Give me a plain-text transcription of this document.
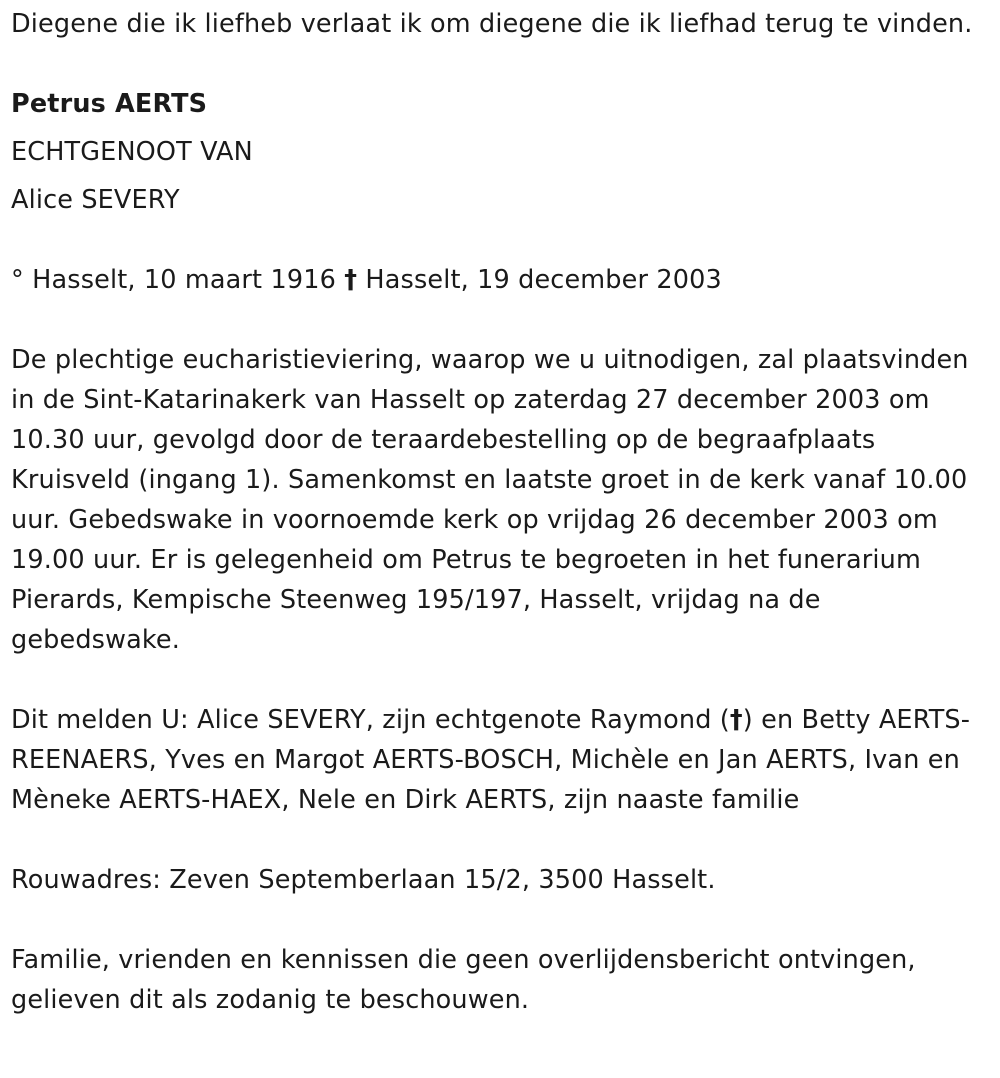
Diegene die ik liefheb verlaat ik om diegene die ik liefhad terug te vinden.

Petrus AERTS

ECHTGENOOT VAN

Alice SEVERY

° Hasselt, 10 maart 1916 † Hasselt, 19 december 2003

De plechtige eucharistieviering, waarop we u uitnodigen, zal plaatsvinden in de Sint-Katarinakerk van Hasselt op zaterdag 27 december 2003 om 10.30 uur, gevolgd door de teraardebestelling op de begraafplaats Kruisveld (ingang 1). Samenkomst en laatste groet in de kerk vanaf 10.00 uur. Gebedswake in voornoemde kerk op vrijdag 26 december 2003 om 19.00 uur. Er is gelegenheid om Petrus te begroeten in het funerarium Pierards, Kempische Steenweg 195/197, Hasselt, vrijdag na de gebedswake.

Dit melden U: Alice SEVERY, zijn echtgenote Raymond (†) en Betty AERTS-REENAERS, Yves en Margot AERTS-BOSCH, Michèle en Jan AERTS, Ivan en Mèneke AERTS-HAEX, Nele en Dirk AERTS, zijn naaste familie

Rouwadres: Zeven Septemberlaan 15/2, 3500 Hasselt.

Familie, vrienden en kennissen die geen overlijdensbericht ontvingen, gelieven dit als zodanig te beschouwen.
